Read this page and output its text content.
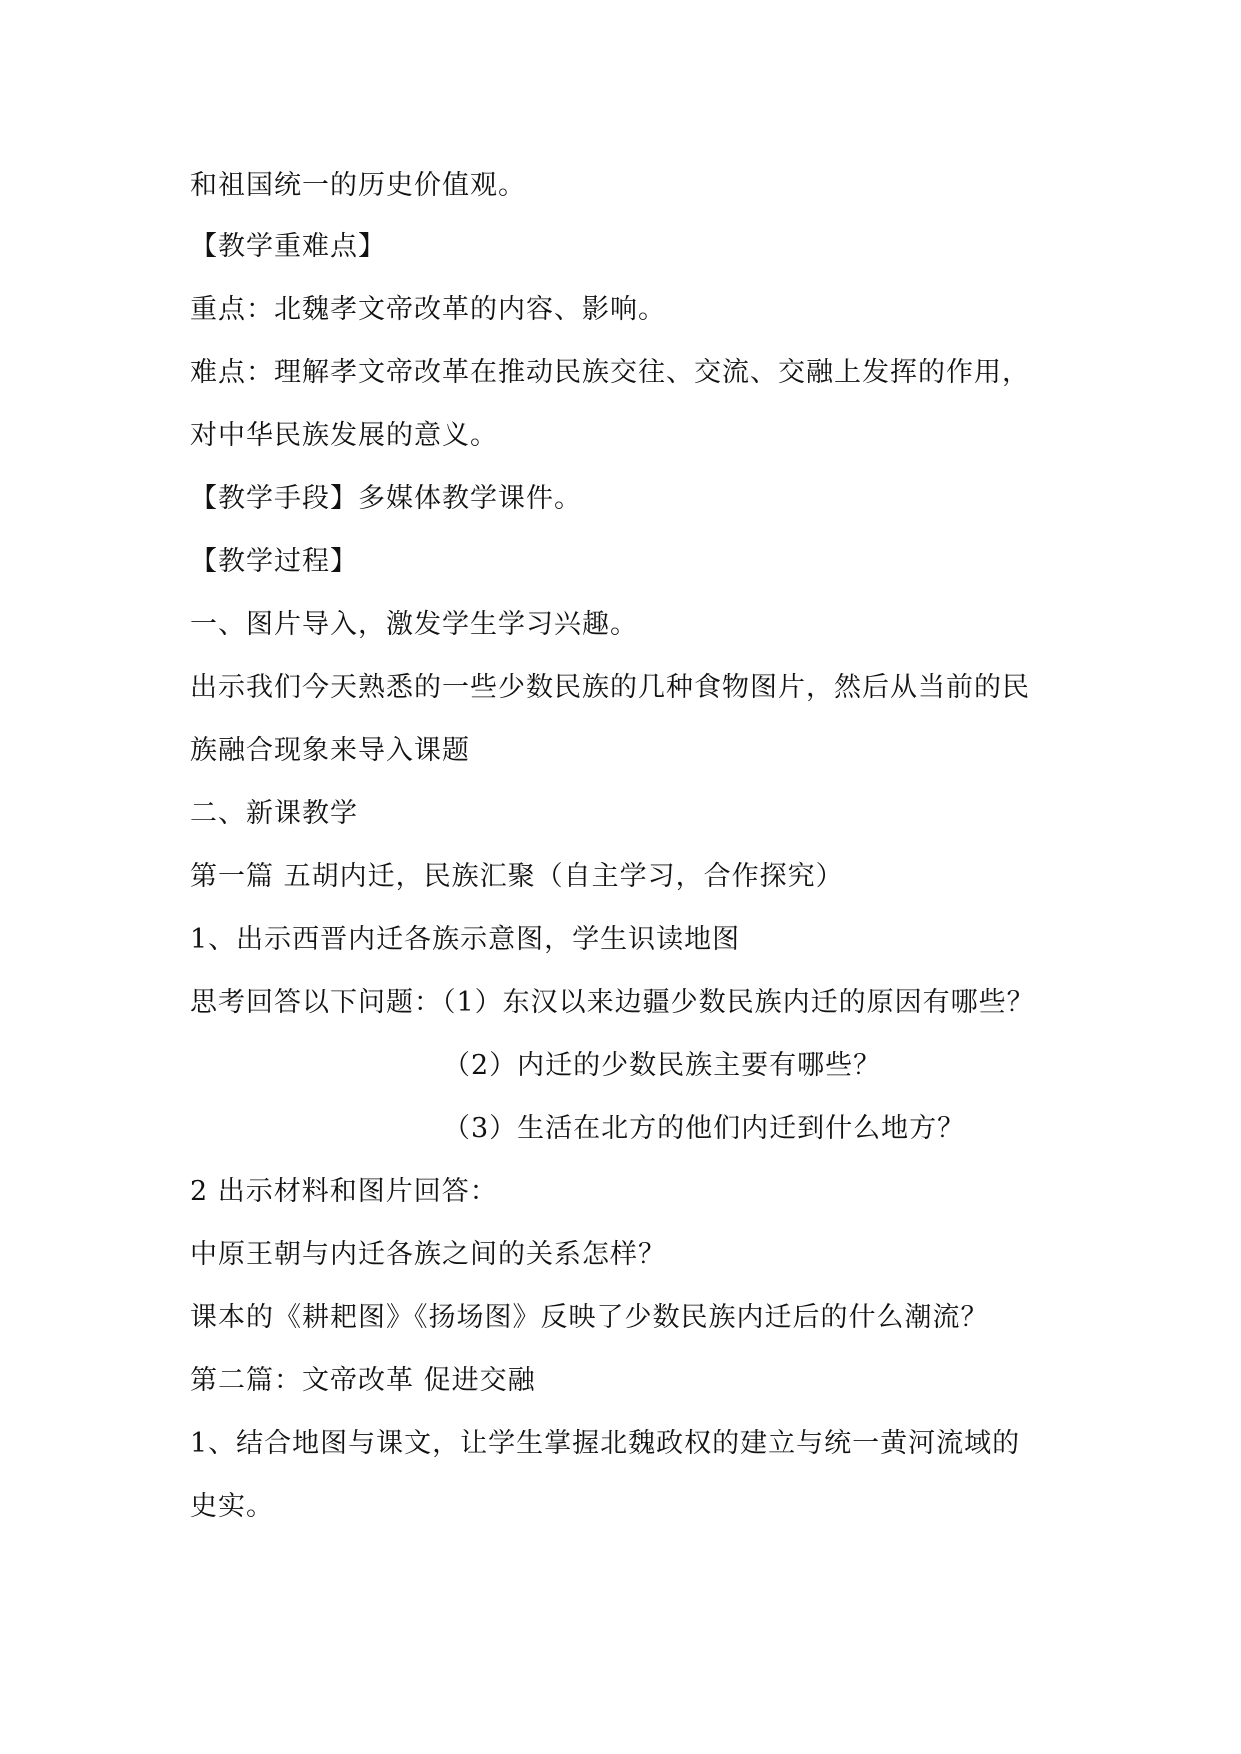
和祖国统一的历史价值观。
【教学重难点】
重点：北魏孝文帝改革的内容、影响。
难点：理解孝文帝改革在推动民族交往、交流、交融上发挥的作用，
对中华民族发展的意义。
【教学手段】多媒体教学课件。
【教学过程】
一、图片导入，激发学生学习兴趣。
出示我们今天熟悉的一些少数民族的几种食物图片，然后从当前的民
族融合现象来导入课题
二、新课教学
第一篇 五胡内迁，民族汇聚（自主学习，合作探究）
1、出示西晋内迁各族示意图，学生识读地图
思考回答以下问题：（1）东汉以来边疆少数民族内迁的原因有哪些？
（2）内迁的少数民族主要有哪些？
（3）生活在北方的他们内迁到什么地方？
2 出示材料和图片回答：
中原王朝与内迁各族之间的关系怎样？
课本的《耕耙图》《扬场图》反映了少数民族内迁后的什么潮流？
第二篇：文帝改革 促进交融
1、结合地图与课文，让学生掌握北魏政权的建立与统一黄河流域的
史实。
